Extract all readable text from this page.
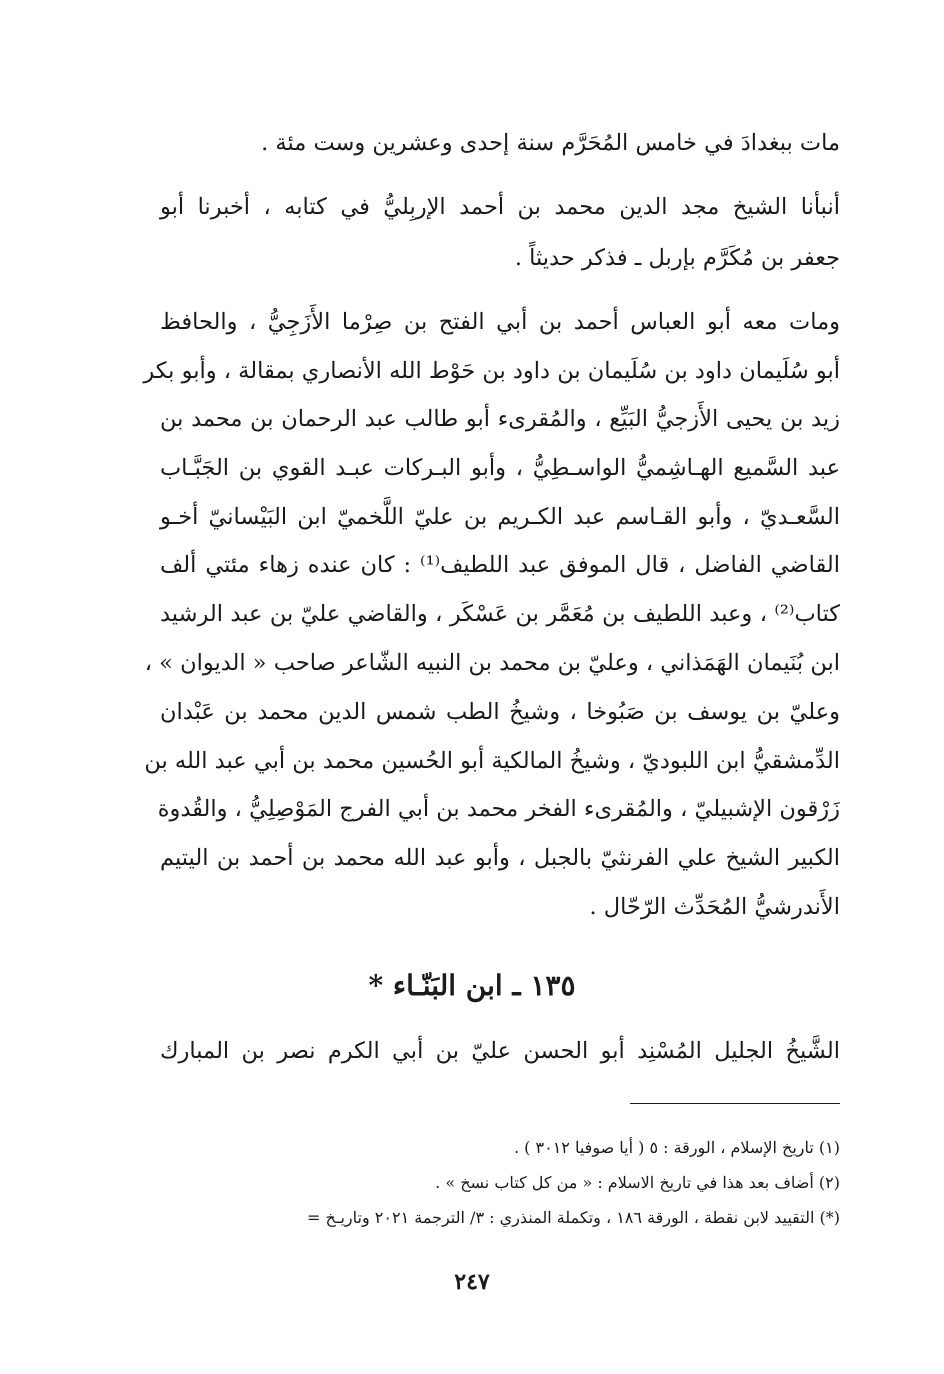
مات ببغدادَ في خامس المُحَرَّم سنة إحدى وعشرين وست مئة .
أنبأنا الشيخ مجد الدين محمد بن أحمد الإربِليُّ في كتابه ، أخبرنا أبو
جعفر بن مُكَرَّم بإربل ـ فذكر حديثاً .
ومات معه أبو العباس أحمد بن أبي الفتح بن صِرْما الأَزَجِيُّ ، والحافظ
أبو سُلَيمان داود بن سُلَيمان بن داود بن حَوْط الله الأنصاري بمقالة ، وأبو بكر
زيد بن يحيى الأَزجيُّ البَيِّع ، والمُقرىء أبو طالب عبد الرحمان بن محمد بن
عبد السَّميع الهـاشِميُّ الواسـطِيُّ ، وأبو البـركات عبـد القوي بن الجَبَّـاب
السَّعـديّ ، وأبو القـاسم عبد الكـريم بن عليّ اللَّخميّ ابن البَيْسانيّ أخـو
القاضي الفاضل ، قال الموفق عبد اللطيف⁽¹⁾ : كان عنده زهاء مئتي ألف
كتاب⁽²⁾ ، وعبد اللطيف بن مُعَمَّر بن عَسْكَر ، والقاضي عليّ بن عبد الرشيد
ابن بُنَيمان الهَمَذاني ، وعليّ بن محمد بن النبيه الشّاعر صاحب « الديوان » ،
وعليّ بن يوسف بن صَبُوخا ، وشيخُ الطب شمس الدين محمد بن عَبْدان
الدِّمشقيُّ ابن اللبوديّ ، وشيخُ المالكية أبو الحُسين محمد بن أبي عبد الله بن
زَرْقون الإشبيليّ ، والمُقرىء الفخر محمد بن أبي الفرج المَوْصِلِيُّ ، والقُدوة
الكبير الشيخ علي الفرنثيّ بالجبل ، وأبو عبد الله محمد بن أحمد بن اليتيم
الأَندرشيُّ المُحَدِّث الرّحّال .
١٣٥ ـ ابن البَنّـاء *
الشَّيخُ الجليل المُسْنِد أبو الحسن عليّ بن أبي الكرم نصر بن المبارك
(١) تاريخ الإسلام ، الورقة : ٥ ( أيا صوفيا ٣٠١٢ ) .
(٢) أضاف بعد هذا في تاريخ الاسلام : « من كل كتاب نسخ » .
(*) التقييد لابن نقطة ، الورقة ١٨٦ ، وتكملة المنذري : ٣/ الترجمة ٢٠٢١ وتاريـخ =
٢٤٧
